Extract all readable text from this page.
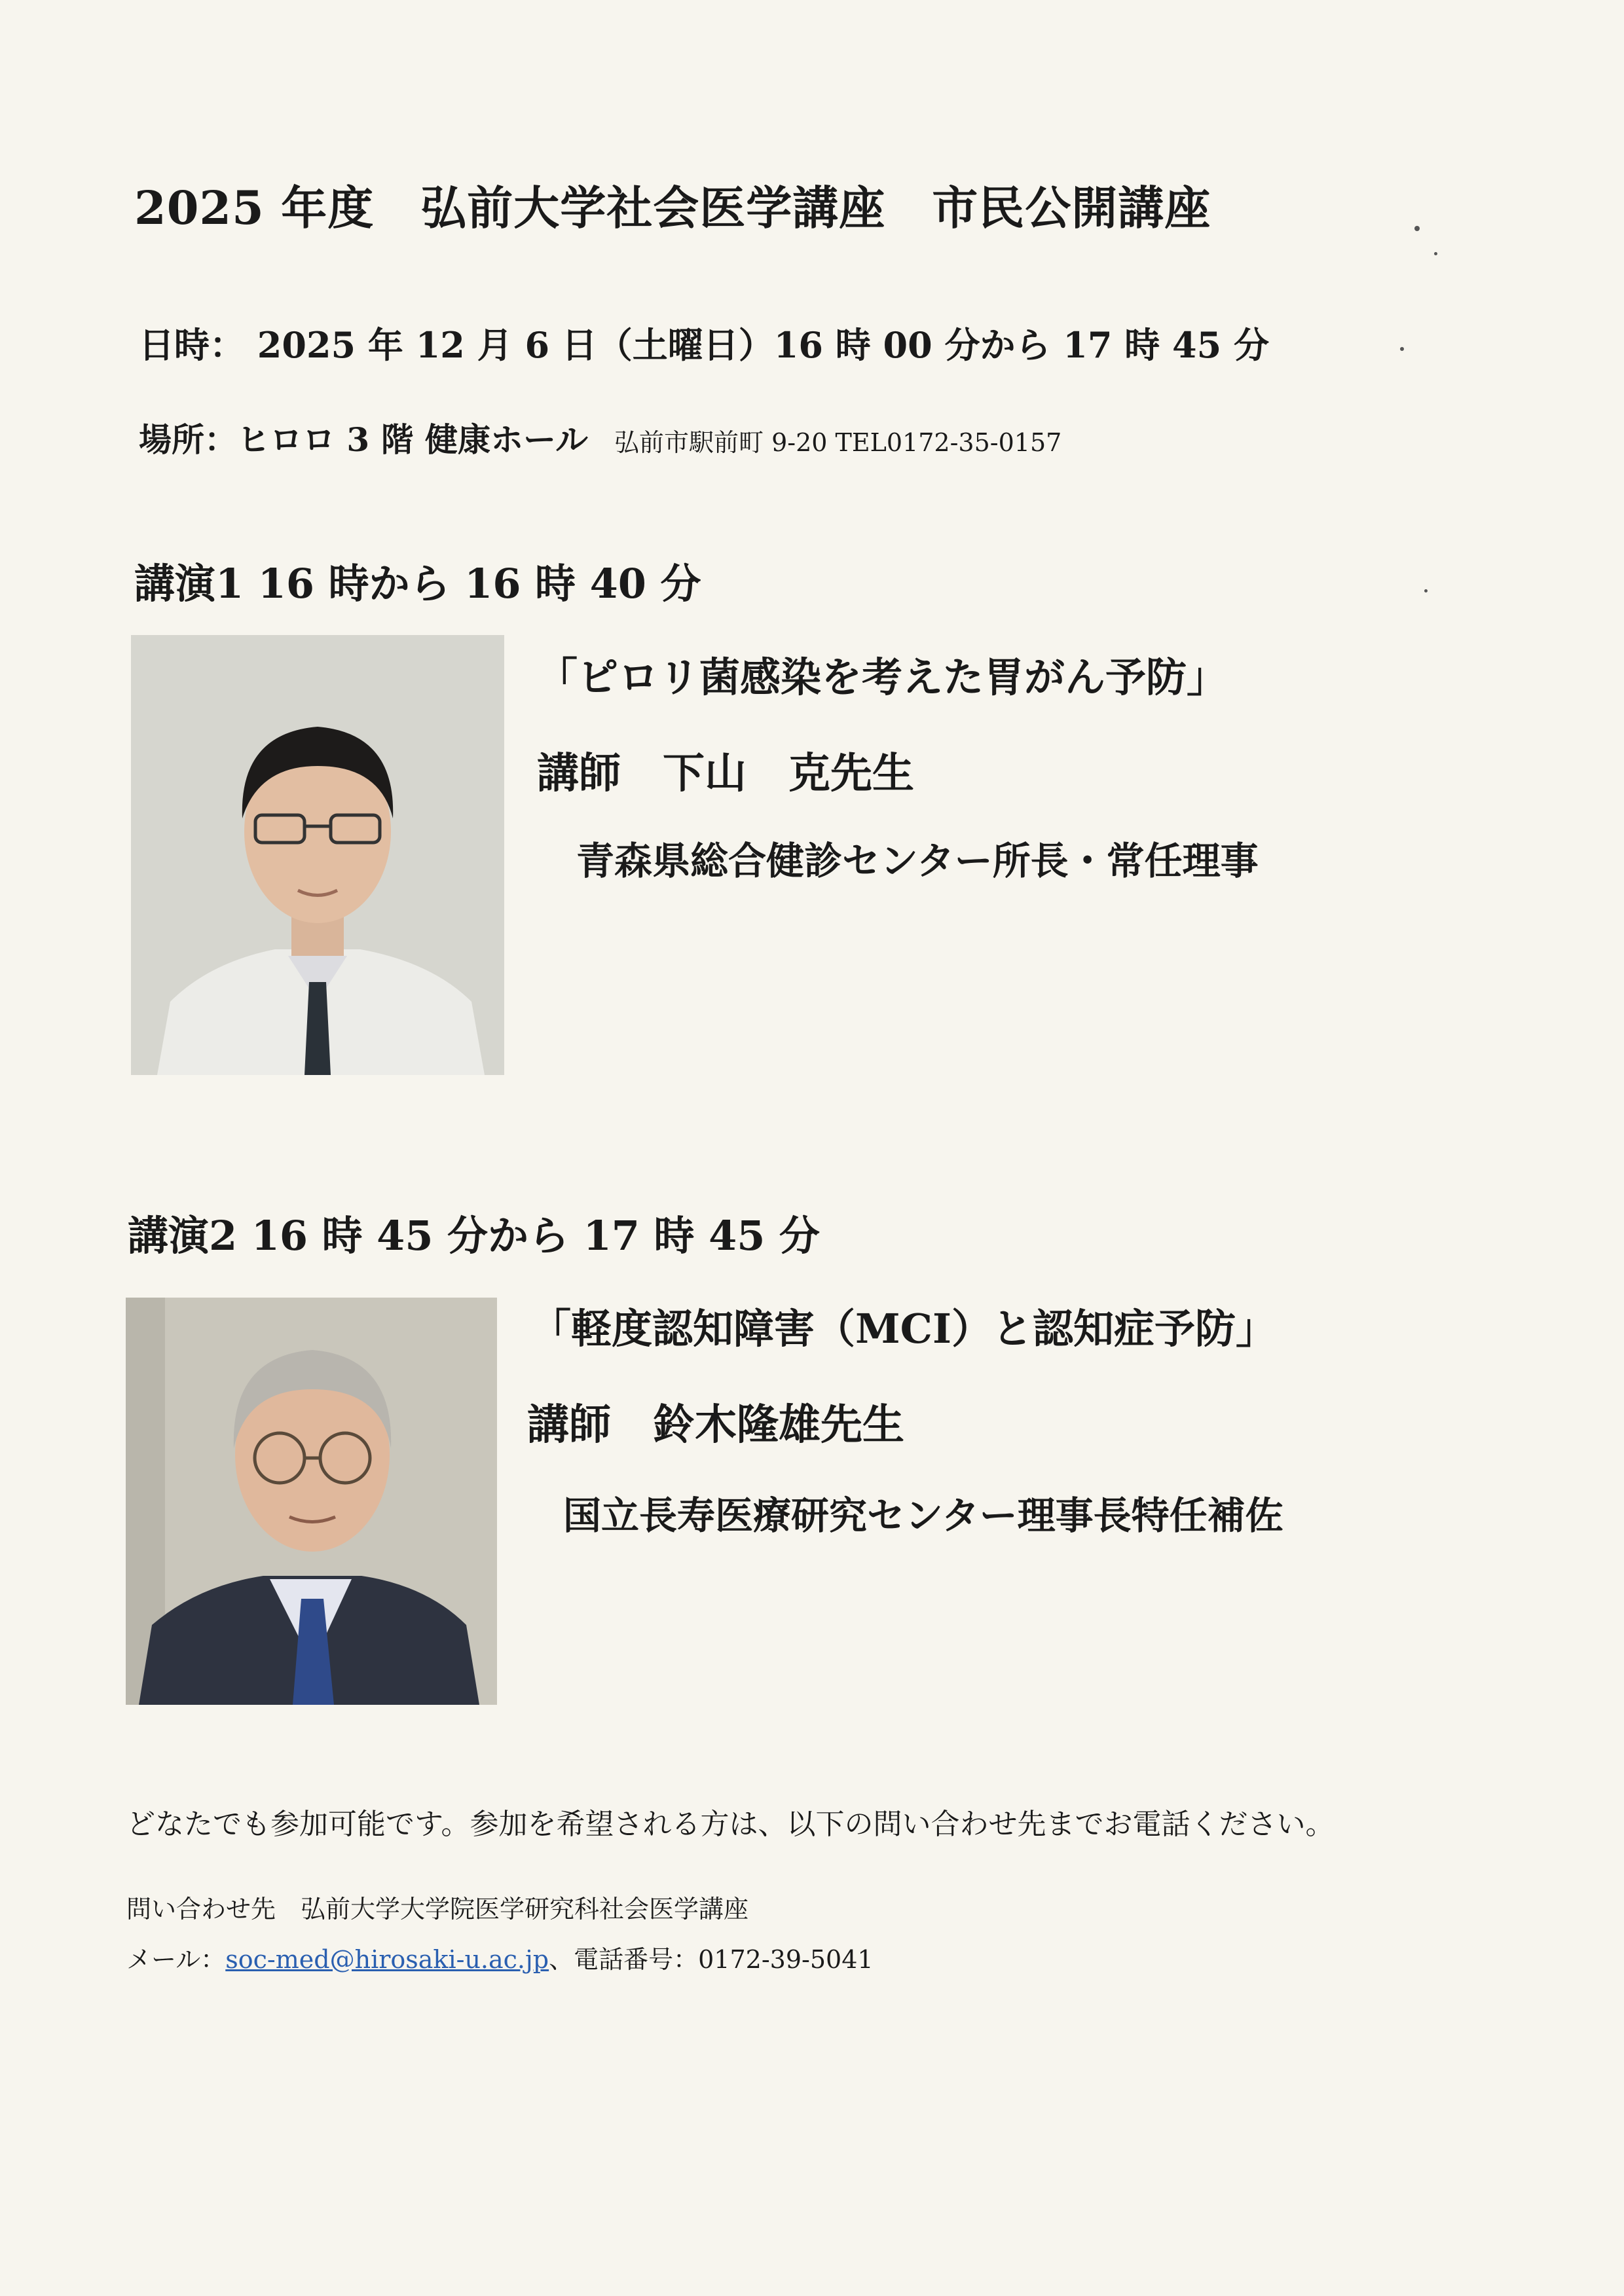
2025 年度　弘前大学社会医学講座　市民公開講座
日時： 2025 年 12 月 6 日（土曜日）16 時 00 分から 17 時 45 分
場所：ヒロロ 3 階 健康ホール 弘前市駅前町 9-20 TEL0172-35-0157
講演1 16 時から 16 時 40 分
「ピロリ菌感染を考えた胃がん予防」
講師　下山　克先生
青森県総合健診センター所長・常任理事
講演2 16 時 45 分から 17 時 45 分
「軽度認知障害（MCI）と認知症予防」
講師　鈴木隆雄先生
国立長寿医療研究センター理事長特任補佐
どなたでも参加可能です。参加を希望される方は、以下の問い合わせ先までお電話ください。
問い合わせ先　弘前大学大学院医学研究科社会医学講座
メール：soc-med@hirosaki-u.ac.jp、電話番号：0172-39-5041
